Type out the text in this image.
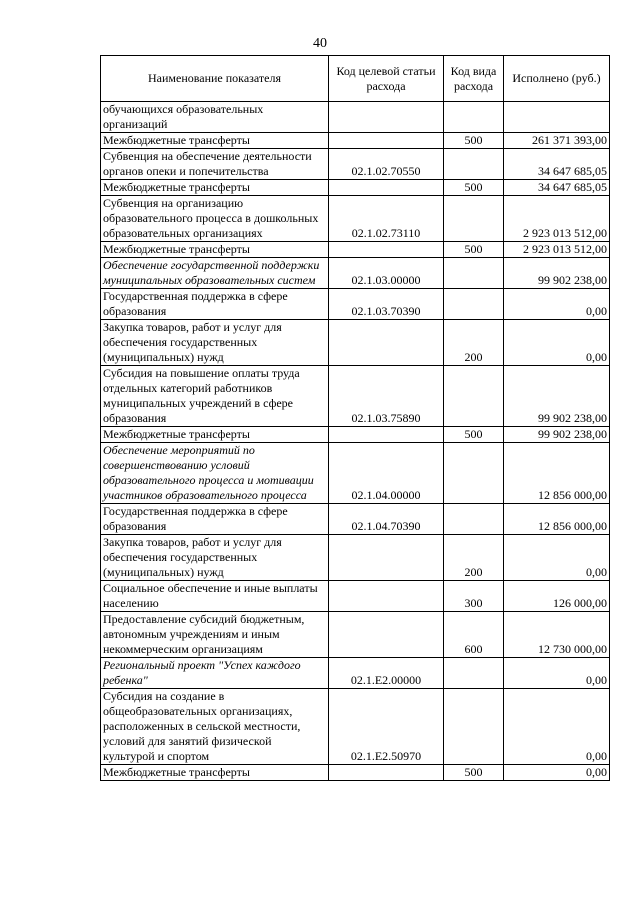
40
Наименование показателя	Код целевой статьи расхода	Код вида расхода	Исполнено (руб.)
обучающихся образовательных организаций			
Межбюджетные трансферты		500	261 371 393,00
Субвенция на обеспечение деятельности органов опеки и попечительства	02.1.02.70550		34 647 685,05
Межбюджетные трансферты		500	34 647 685,05
Субвенция на организацию образовательного процесса в дошкольных образовательных организациях	02.1.02.73110		2 923 013 512,00
Межбюджетные трансферты		500	2 923 013 512,00
Обеспечение государственной поддержки муниципальных образовательных систем	02.1.03.00000		99 902 238,00
Государственная поддержка в сфере образования	02.1.03.70390		0,00
Закупка товаров, работ и услуг для обеспечения государственных (муниципальных) нужд		200	0,00
Субсидия на повышение оплаты труда отдельных категорий работников муниципальных учреждений в сфере образования	02.1.03.75890		99 902 238,00
Межбюджетные трансферты		500	99 902 238,00
Обеспечение мероприятий по совершенствованию условий образовательного процесса и мотивации участников образовательного процесса	02.1.04.00000		12 856 000,00
Государственная поддержка в сфере образования	02.1.04.70390		12 856 000,00
Закупка товаров, работ и услуг для обеспечения государственных (муниципальных) нужд		200	0,00
Социальное обеспечение и иные выплаты населению		300	126 000,00
Предоставление субсидий бюджетным, автономным учреждениям и иным некоммерческим организациям		600	12 730 000,00
Региональный проект "Успех каждого ребенка"	02.1.E2.00000		0,00
Субсидия на создание в общеобразовательных организациях, расположенных в сельской местности, условий для занятий физической культурой и спортом	02.1.E2.50970		0,00
Межбюджетные трансферты		500	0,00
